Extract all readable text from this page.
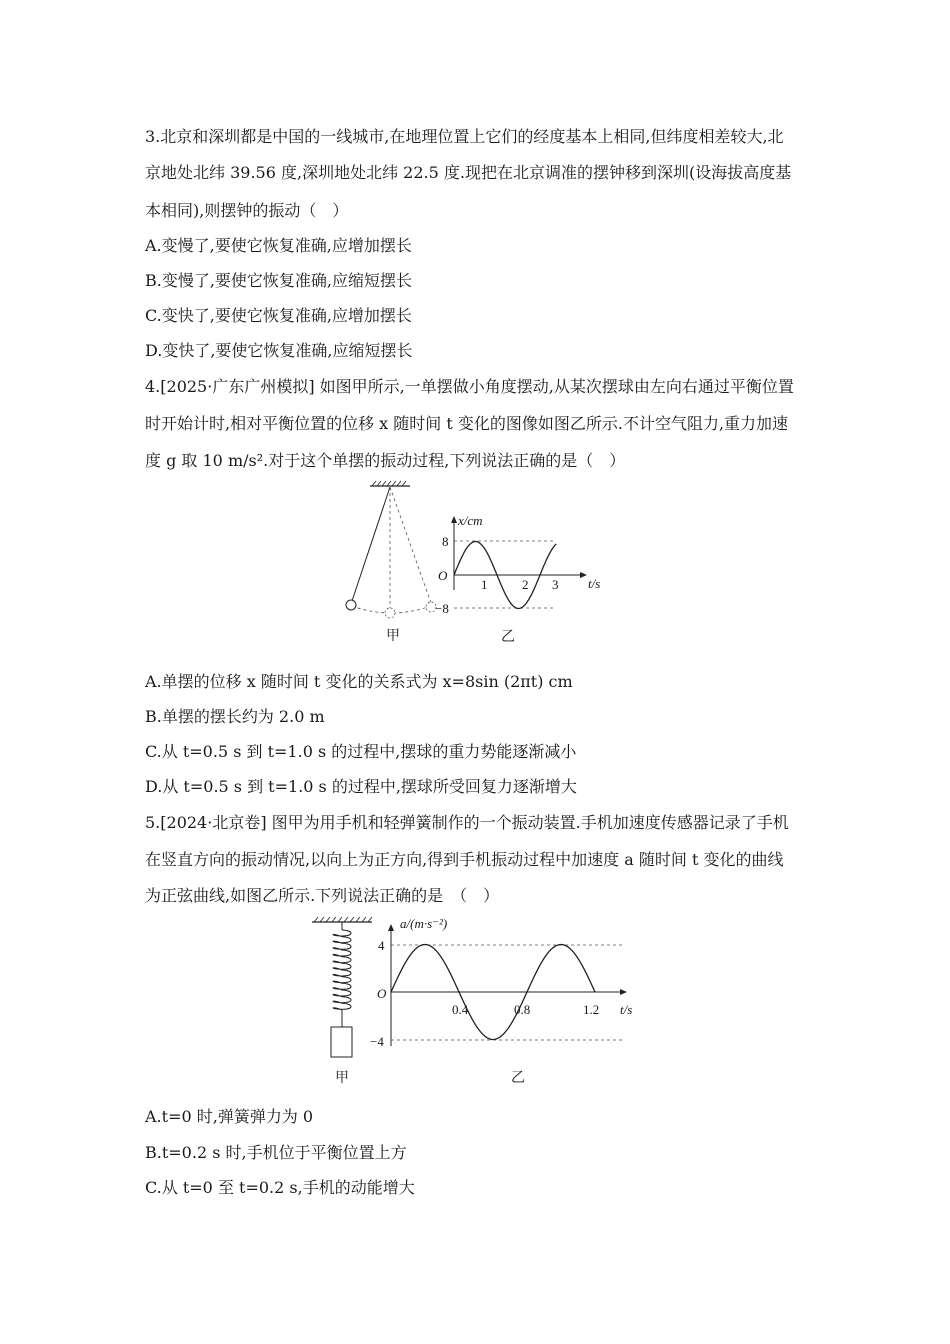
3.北京和深圳都是中国的一线城市,在地理位置上它们的经度基本上相同,但纬度相差较大,北
京地处北纬 39.56 度,深圳地处北纬 22.5 度.现把在北京调准的摆钟移到深圳(设海拔高度基
本相同),则摆钟的振动（　）
A.变慢了,要使它恢复准确,应增加摆长
B.变慢了,要使它恢复准确,应缩短摆长
C.变快了,要使它恢复准确,应增加摆长
D.变快了,要使它恢复准确,应缩短摆长
4.[2025·广东广州模拟] 如图甲所示,一单摆做小角度摆动,从某次摆球由左向右通过平衡位置
时开始计时,相对平衡位置的位移 x 随时间 t 变化的图像如图乙所示.不计空气阻力,重力加速
度 g 取 10 m/s².对于这个单摆的振动过程,下列说法正确的是（　）
甲
x/cm
t/s
O
8
−8
1	2 3
乙
A.单摆的位移 x 随时间 t 变化的关系式为 x=8sin (2πt) cm
B.单摆的摆长约为 2.0 m
C.从 t=0.5 s 到 t=1.0 s 的过程中,摆球的重力势能逐渐减小
D.从 t=0.5 s 到 t=1.0 s 的过程中,摆球所受回复力逐渐增大
5.[2024·北京卷] 图甲为用手机和轻弹簧制作的一个振动装置.手机加速度传感器记录了手机
在竖直方向的振动情况,以向上为正方向,得到手机振动过程中加速度 a 随时间 t 变化的曲线
为正弦曲线,如图乙所示.下列说法正确的是　（　）
甲
a/(m·s⁻²)
t/s
O
4
−4
0.4	0.8	1.2
乙
A.t=0 时,弹簧弹力为 0
B.t=0.2 s 时,手机位于平衡位置上方
C.从 t=0 至 t=0.2 s,手机的动能增大
